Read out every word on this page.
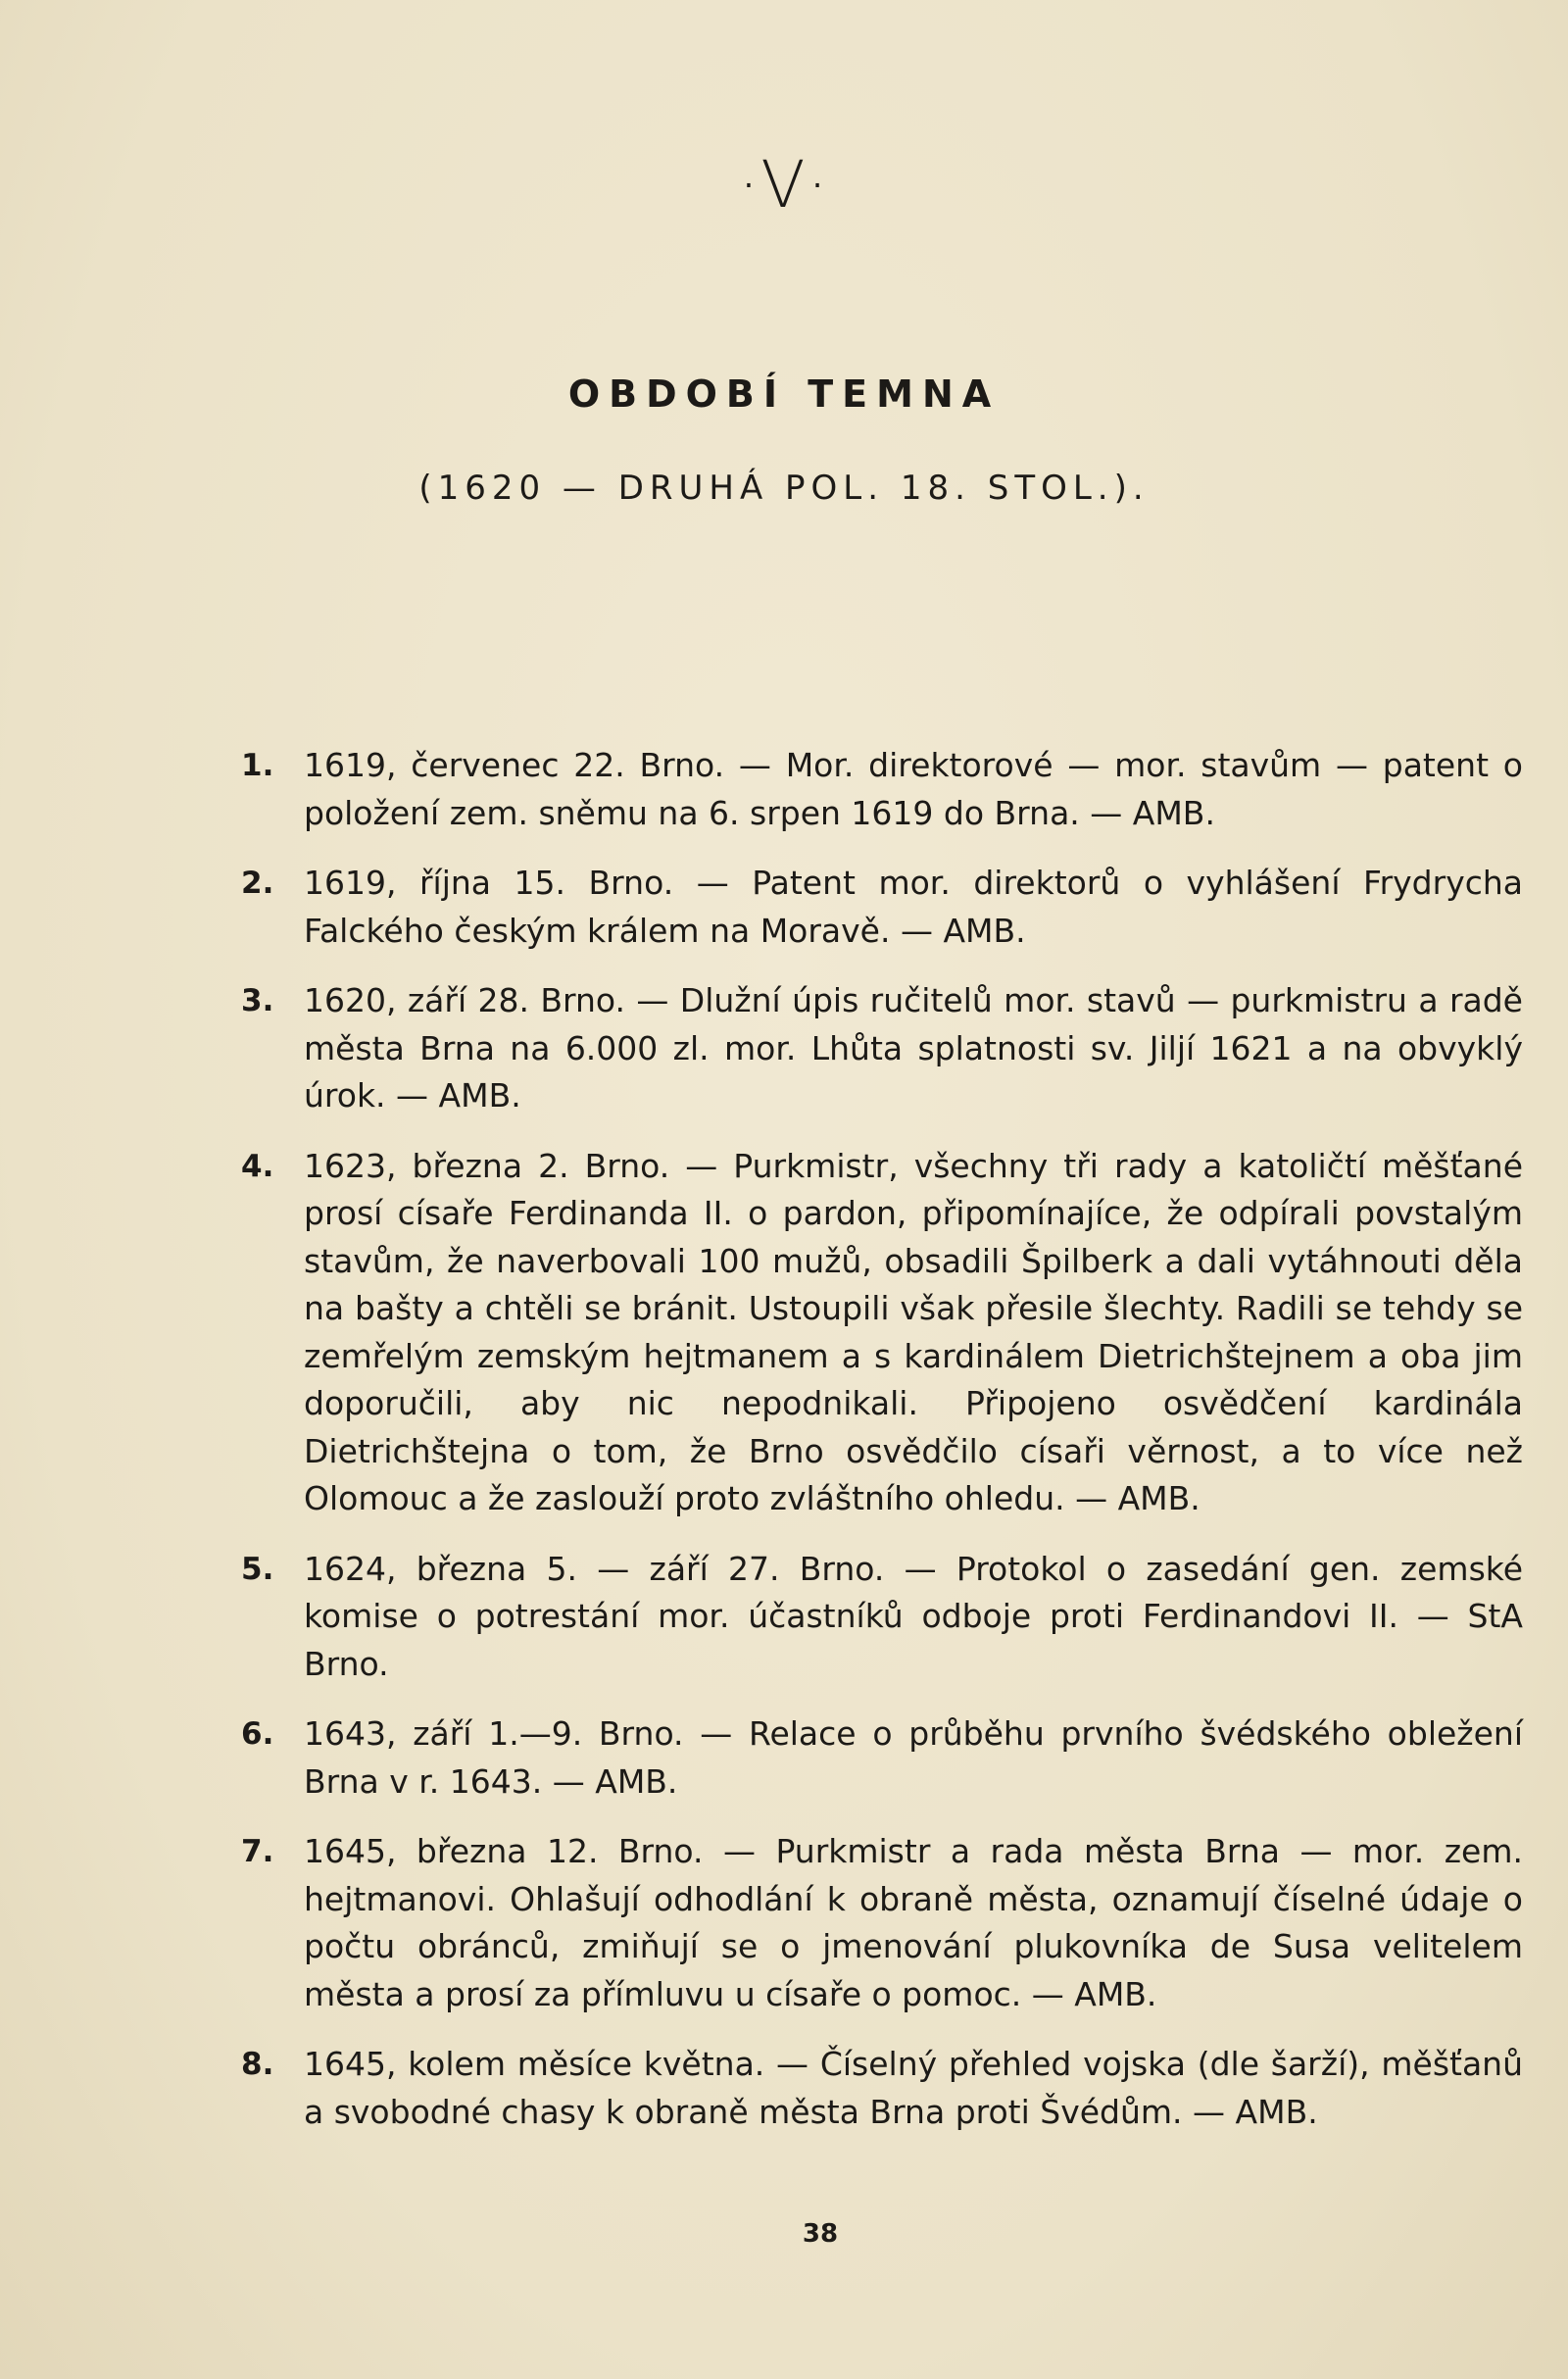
·V·
OBDOBÍ TEMNA
(1620 — DRUHÁ POL. 18. STOL.).
1. 1619, červenec 22. Brno. — Mor. direktorové — mor. stavům — patent o položení zem. sněmu na 6. srpen 1619 do Brna. — AMB.
2. 1619, října 15. Brno. — Patent mor. direktorů o vyhlášení Frydrycha Falckého českým králem na Moravě. — AMB.
3. 1620, září 28. Brno. — Dlužní úpis ručitelů mor. stavů — purkmistru a radě města Brna na 6.000 zl. mor. Lhůta splatnosti sv. Jiljí 1621 a na obvyklý úrok. — AMB.
4. 1623, března 2. Brno. — Purkmistr, všechny tři rady a katoličtí měšťané prosí císaře Ferdinanda II. o pardon, připomínajíce, že odpírali povstalým stavům, že naverbovali 100 mužů, obsadili Špilberk a dali vytáhnouti děla na bašty a chtěli se bránit. Ustoupili však přesile šlechty. Radili se tehdy se zemřelým zemským hejtmanem a s kardinálem Dietrichštejnem a oba jim doporučili, aby nic nepodnikali. Připojeno osvědčení kardinála Dietrichštejna o tom, že Brno osvědčilo císaři věrnost, a to více než Olomouc a že zaslouží proto zvláštního ohledu. — AMB.
5. 1624, března 5. — září 27. Brno. — Protokol o zasedání gen. zemské komise o potrestání mor. účastníků odboje proti Ferdinandovi II. — StA Brno.
6. 1643, září 1.—9. Brno. — Relace o průběhu prvního švédského obležení Brna v r. 1643. — AMB.
7. 1645, března 12. Brno. — Purkmistr a rada města Brna — mor. zem. hejtmanovi. Ohlašují odhodlání k obraně města, oznamují číselné údaje o počtu obránců, zmiňují se o jmenování plukovníka de Susa velitelem města a prosí za přímluvu u císaře o pomoc. — AMB.
8. 1645, kolem měsíce května. — Číselný přehled vojska (dle šarží), měšťanů a svobodné chasy k obraně města Brna proti Švédům. — AMB.
38
